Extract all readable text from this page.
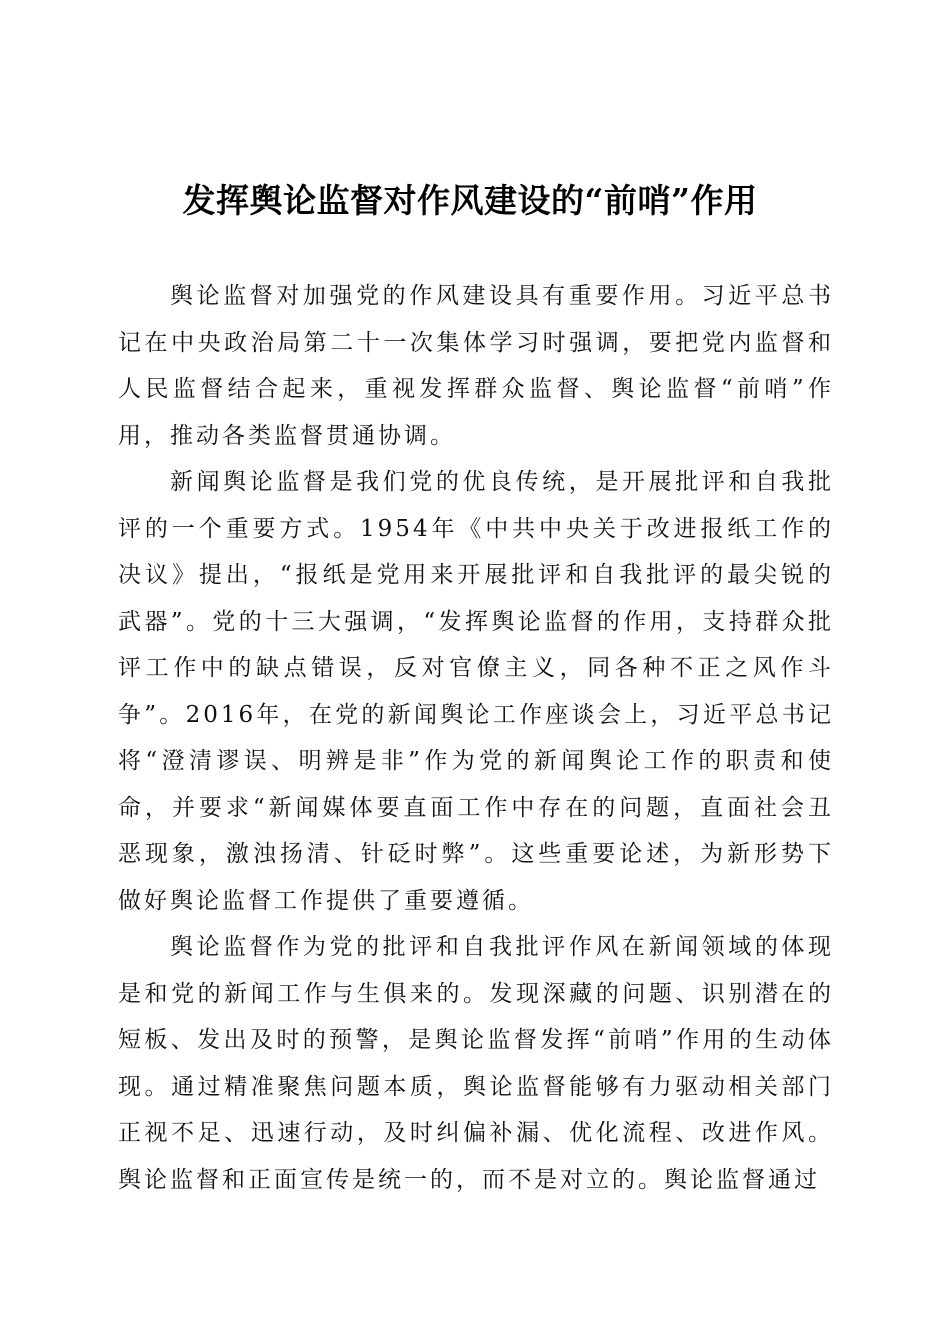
发挥舆论监督对作风建设的“前哨”作用

舆论监督对加强党的作风建设具有重要作用。习近平总书记在中央政治局第二十一次集体学习时强调，要把党内监督和人民监督结合起来，重视发挥群众监督、舆论监督“前哨”作用，推动各类监督贯通协调。

新闻舆论监督是我们党的优良传统，是开展批评和自我批评的一个重要方式。1954年《中共中央关于改进报纸工作的决议》提出，“报纸是党用来开展批评和自我批评的最尖锐的武器”。党的十三大强调，“发挥舆论监督的作用，支持群众批评工作中的缺点错误，反对官僚主义，同各种不正之风作斗争”。2016年，在党的新闻舆论工作座谈会上，习近平总书记将“澄清谬误、明辨是非”作为党的新闻舆论工作的职责和使命，并要求“新闻媒体要直面工作中存在的问题，直面社会丑恶现象，激浊扬清、针砭时弊”。这些重要论述，为新形势下做好舆论监督工作提供了重要遵循。

舆论监督作为党的批评和自我批评作风在新闻领域的体现是和党的新闻工作与生俱来的。发现深藏的问题、识别潜在的短板、发出及时的预警，是舆论监督发挥“前哨”作用的生动体现。通过精准聚焦问题本质，舆论监督能够有力驱动相关部门正视不足、迅速行动，及时纠偏补漏、优化流程、改进作风。舆论监督和正面宣传是统一的，而不是对立的。舆论监督通过
